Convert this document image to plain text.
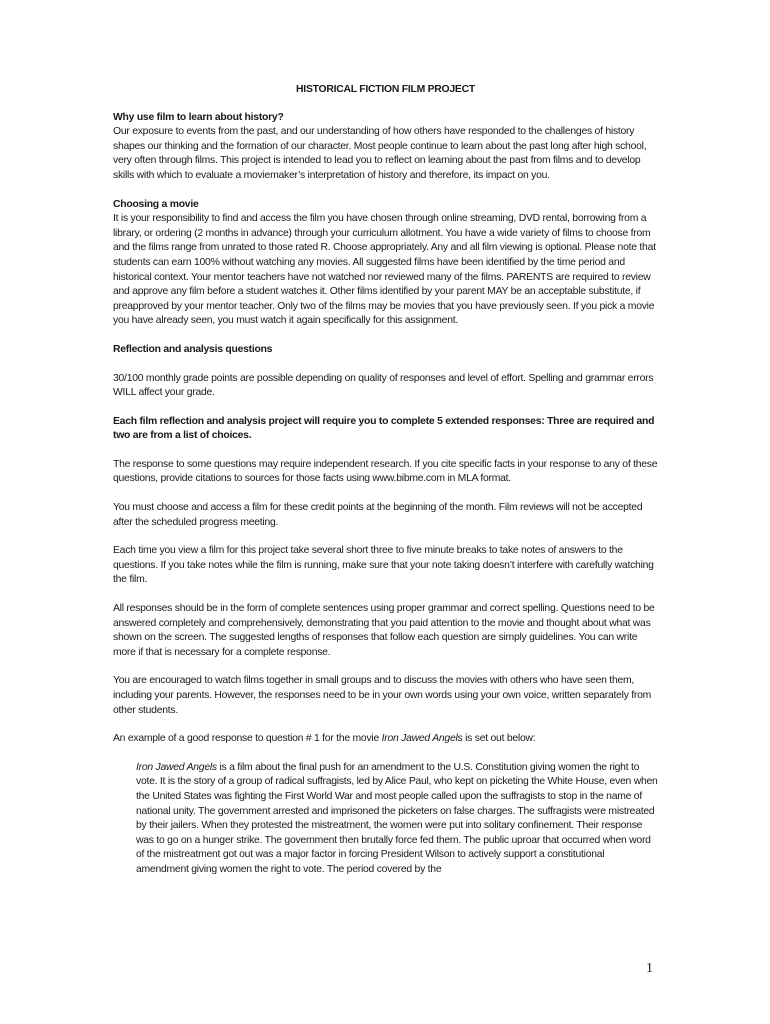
HISTORICAL FICTION FILM PROJECT

Why use film to learn about history?

Our exposure to events from the past, and our understanding of how others have responded to the challenges of history shapes our thinking and the formation of our character. Most people continue to learn about the past long after high school, very often through films. This project is intended to lead you to reflect on learning about the past from films and to develop skills with which to evaluate a moviemaker’s interpretation of history and therefore, its impact on you.

Choosing a movie

It is your responsibility to find and access the film you have chosen through online streaming, DVD rental, borrowing from a library, or ordering (2 months in advance) through your curriculum allotment. You have a wide variety of films to choose from and the films range from unrated to those rated R. Choose appropriately. Any and all film viewing is optional. Please note that students can earn 100% without watching any movies. All suggested films have been identified by the time period and historical context. Your mentor teachers have not watched nor reviewed many of the films. PARENTS are required to review and approve any film before a student watches it. Other films identified by your parent MAY be an acceptable substitute, if preapproved by your mentor teacher. Only two of the films may be movies that you have previously seen. If you pick a movie you have already seen, you must watch it again specifically for this assignment.

Reflection and analysis questions

30/100 monthly grade points are possible depending on quality of responses and level of effort. Spelling and grammar errors WILL affect your grade.

Each film reflection and analysis project will require you to complete 5 extended responses: Three are required and two are from a list of choices.

The response to some questions may require independent research. If you cite specific facts in your response to any of these questions, provide citations to sources for those facts using www.bibme.com in MLA format.

You must choose and access a film for these credit points at the beginning of the month. Film reviews will not be accepted after the scheduled progress meeting.

Each time you view a film for this project take several short three to five minute breaks to take notes of answers to the questions. If you take notes while the film is running, make sure that your note taking doesn’t interfere with carefully watching the film.

All responses should be in the form of complete sentences using proper grammar and correct spelling. Questions need to be answered completely and comprehensively, demonstrating that you paid attention to the movie and thought about what was shown on the screen. The suggested lengths of responses that follow each question are simply guidelines. You can write more if that is necessary for a complete response.

You are encouraged to watch films together in small groups and to discuss the movies with others who have seen them, including your parents. However, the responses need to be in your own words using your own voice, written separately from other students.

An example of a good response to question # 1 for the movie Iron Jawed Angels is set out below:

Iron Jawed Angels is a film about the final push for an amendment to the U.S. Constitution giving women the right to vote. It is the story of a group of radical suffragists, led by Alice Paul, who kept on picketing the White House, even when the United States was fighting the First World War and most people called upon the suffragists to stop in the name of national unity. The government arrested and imprisoned the picketers on false charges. The suffragists were mistreated by their jailers. When they protested the mistreatment, the women were put into solitary confinement. Their response was to go on a hunger strike. The government then brutally force fed them. The public uproar that occurred when word of the mistreatment got out was a major factor in forcing President Wilson to actively support a constitutional amendment giving women the right to vote. The period covered by the

1
